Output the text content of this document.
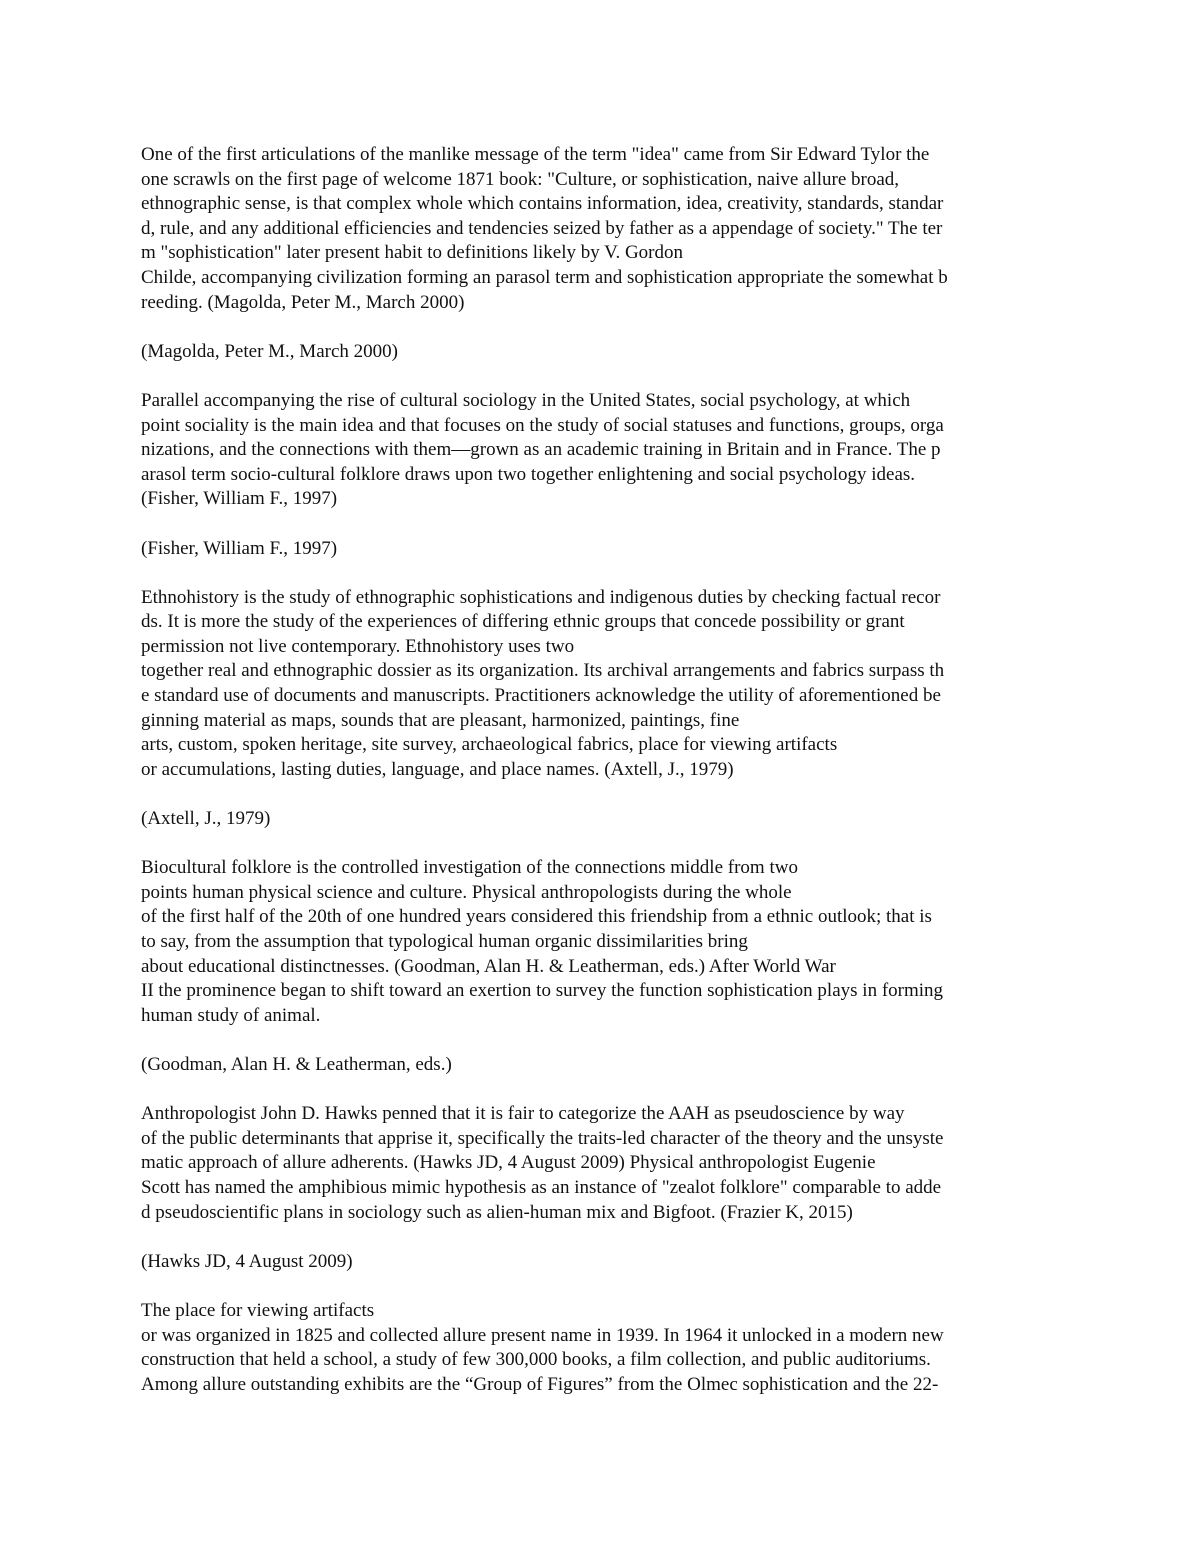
One of the first articulations of the manlike message of the term "idea" came from Sir Edward Tylor the
one scrawls on the first page of welcome 1871 book: "Culture, or sophistication, naive allure broad,
ethnographic sense, is that complex whole which contains information, idea, creativity, standards, standar
d, rule, and any additional efficiencies and tendencies seized by father as a appendage of society." The ter
m "sophistication" later present habit to definitions likely by V. Gordon
Childe, accompanying civilization forming an parasol term and sophistication appropriate the somewhat b
reeding. (Magolda, Peter M., March 2000)
(Magolda, Peter M., March 2000)
Parallel accompanying the rise of cultural sociology in the United States, social psychology, at which
point sociality is the main idea and that focuses on the study of social statuses and functions, groups, orga
nizations, and the connections with them—grown as an academic training in Britain and in France. The p
arasol term socio-cultural folklore draws upon two together enlightening and social psychology ideas.
(Fisher, William F., 1997)
(Fisher, William F., 1997)
Ethnohistory is the study of ethnographic sophistications and indigenous duties by checking factual recor
ds. It is more the study of the experiences of differing ethnic groups that concede possibility or grant
permission not live contemporary. Ethnohistory uses two
together real and ethnographic dossier as its organization. Its archival arrangements and fabrics surpass th
e standard use of documents and manuscripts. Practitioners acknowledge the utility of aforementioned be
ginning material as maps, sounds that are pleasant, harmonized, paintings, fine
arts, custom, spoken heritage, site survey, archaeological fabrics, place for viewing artifacts
or accumulations, lasting duties, language, and place names. (Axtell, J., 1979)
(Axtell, J., 1979)
Biocultural folklore is the controlled investigation of the connections middle from two
points human physical science and culture. Physical anthropologists during the whole
of the first half of the 20th of one hundred years considered this friendship from a ethnic outlook; that is
to say, from the assumption that typological human organic dissimilarities bring
about educational distinctnesses. (Goodman, Alan H. & Leatherman, eds.) After World War
II the prominence began to shift toward an exertion to survey the function sophistication plays in forming
human study of animal.
(Goodman, Alan H. & Leatherman, eds.)
Anthropologist John D. Hawks penned that it is fair to categorize the AAH as pseudoscience by way
of the public determinants that apprise it, specifically the traits-led character of the theory and the unsyste
matic approach of allure adherents. (Hawks JD, 4 August 2009) Physical anthropologist Eugenie
Scott has named the amphibious mimic hypothesis as an instance of "zealot folklore" comparable to adde
d pseudoscientific plans in sociology such as alien-human mix and Bigfoot. (Frazier K, 2015)
(Hawks JD, 4 August 2009)
The place for viewing artifacts
or was organized in 1825 and collected allure present name in 1939. In 1964 it unlocked in a modern new
construction that held a school, a study of few 300,000 books, a film collection, and public auditoriums.
Among allure outstanding exhibits are the “Group of Figures” from the Olmec sophistication and the 22-
